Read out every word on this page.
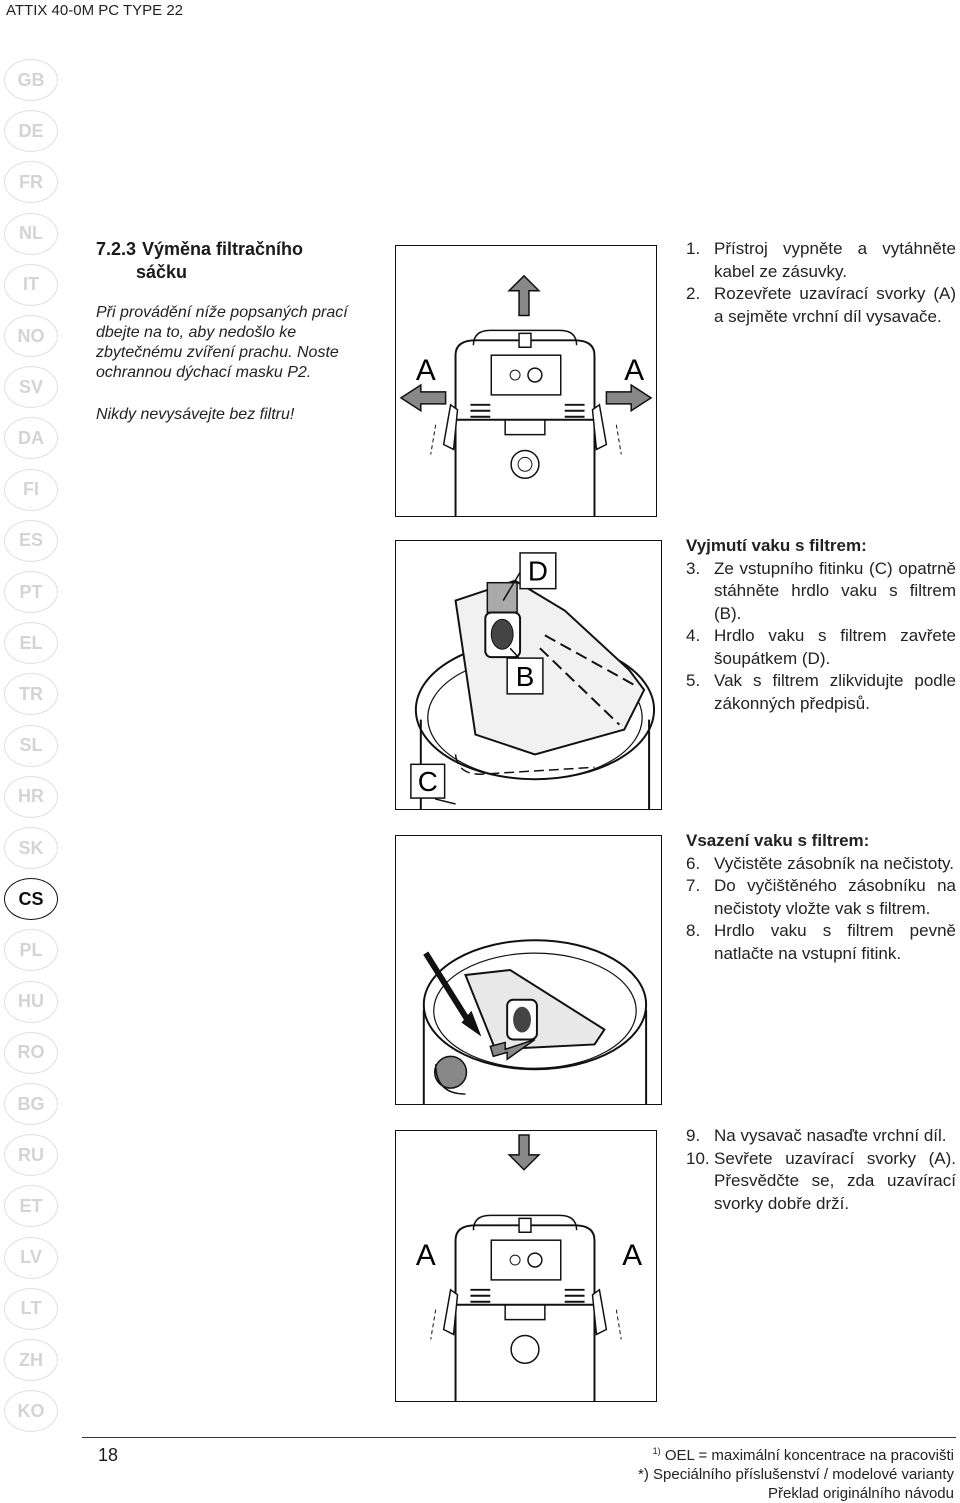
ATTIX 40-0M PC TYPE 22
GB
DE
FR
NL
IT
NO
SV
DA
FI
ES
PT
EL
TR
SL
HR
SK
CS
PL
HU
RO
BG
RU
ET
LV
LT
ZH
KO
7.2.3 Výměna filtračního
sáčku

Při provádění níže popsaných prací dbejte na to, aby nedošlo ke zbytečnému zvíření prachu. Noste ochrannou dýchací masku P2.

Nikdy nevysávejte bez filtru!

A	A
D
B
C
A	A
1. Přístroj vypněte a vytáhněte kabel ze zásuvky.
2. Rozevřete uzavírací svorky (A) a sejměte vrchní díl vysavače.
Vyjmutí vaku s filtrem:
3. Ze vstupního fitinku (C) opatrně stáhněte hrdlo vaku s filtrem (B).
4. Hrdlo vaku s filtrem zavřete šoupátkem (D).
5. Vak s filtrem zlikvidujte podle zákonných předpisů.
Vsazení vaku s filtrem:
6. Vyčistěte zásobník na nečistoty.
7. Do vyčištěného zásobníku na nečistoty vložte vak s filtrem.
8. Hrdlo vaku s filtrem pevně natlačte na vstupní fitink.
9. Na vysavač nasaďte vrchní díl.
10. Sevřete uzavírací svorky (A). Přesvědčte se, zda uzavírací svorky dobře drží.
18	$^{1)}$ OEL = maximální koncentrace na pracovišti
*) Speciálního příslušenství / modelové varianty
Překlad originálního návodu
